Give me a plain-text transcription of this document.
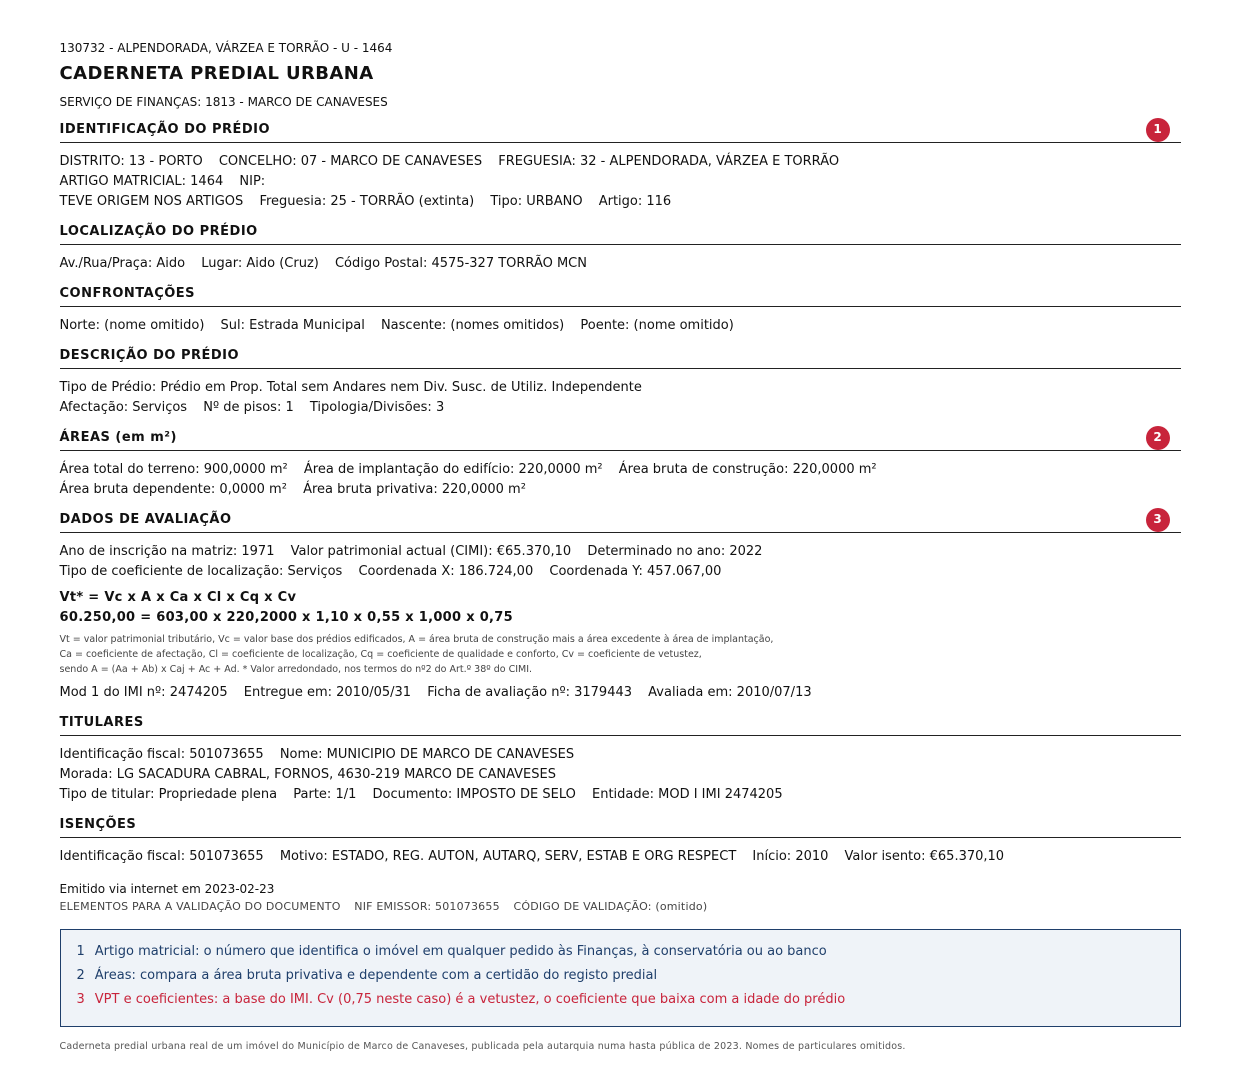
130732 - ALPENDORADA, VÁRZEA E TORRÃO - U - 1464
CADERNETA PREDIAL URBANA
SERVIÇO DE FINANÇAS: 1813 - MARCO DE CANAVESES
IDENTIFICAÇÃO DO PRÉDIO	1
DISTRITO: 13 - PORTO CONCELHO: 07 - MARCO DE CANAVESES FREGUESIA: 32 - ALPENDORADA, VÁRZEA E TORRÃO
ARTIGO MATRICIAL: 1464 NIP:
TEVE ORIGEM NOS ARTIGOS Freguesia: 25 - TORRÃO (extinta) Tipo: URBANO Artigo: 116
LOCALIZAÇÃO DO PRÉDIO
Av./Rua/Praça: Aido Lugar: Aido (Cruz) Código Postal: 4575-327 TORRÃO MCN
CONFRONTAÇÕES
Norte: (nome omitido) Sul: Estrada Municipal Nascente: (nomes omitidos) Poente: (nome omitido)
DESCRIÇÃO DO PRÉDIO
Tipo de Prédio: Prédio em Prop. Total sem Andares nem Div. Susc. de Utiliz. Independente
Afectação: Serviços Nº de pisos: 1 Tipologia/Divisões: 3
ÁREAS (em m²)	2
Área total do terreno: 900,0000 m² Área de implantação do edifício: 220,0000 m² Área bruta de construção: 220,0000 m²
Área bruta dependente: 0,0000 m² Área bruta privativa: 220,0000 m²
DADOS DE AVALIAÇÃO	3
Ano de inscrição na matriz: 1971 Valor patrimonial actual (CIMI): €65.370,10 Determinado no ano: 2022
Tipo de coeficiente de localização: Serviços Coordenada X: 186.724,00 Coordenada Y: 457.067,00
Vt* = Vc x A x Ca x Cl x Cq x Cv
60.250,00 = 603,00 x 220,2000 x 1,10 x 0,55 x 1,000 x 0,75
Vt = valor patrimonial tributário, Vc = valor base dos prédios edificados, A = área bruta de construção mais a área excedente à área de implantação,
Ca = coeficiente de afectação, Cl = coeficiente de localização, Cq = coeficiente de qualidade e conforto, Cv = coeficiente de vetustez,
sendo A = (Aa + Ab) x Caj + Ac + Ad. * Valor arredondado, nos termos do nº2 do Art.º 38º do CIMI.
Mod 1 do IMI nº: 2474205 Entregue em: 2010/05/31 Ficha de avaliação nº: 3179443 Avaliada em: 2010/07/13
TITULARES
Identificação fiscal: 501073655 Nome: MUNICIPIO DE MARCO DE CANAVESES
Morada: LG SACADURA CABRAL, FORNOS, 4630-219 MARCO DE CANAVESES
Tipo de titular: Propriedade plena Parte: 1/1 Documento: IMPOSTO DE SELO Entidade: MOD I IMI 2474205
ISENÇÕES
Identificação fiscal: 501073655 Motivo: ESTADO, REG. AUTON, AUTARQ, SERV, ESTAB E ORG RESPECT Início: 2010 Valor isento: €65.370,10
Emitido via internet em 2023-02-23
ELEMENTOS PARA A VALIDAÇÃO DO DOCUMENTO NIF EMISSOR: 501073655 CÓDIGO DE VALIDAÇÃO: (omitido)
1 Artigo matricial: o número que identifica o imóvel em qualquer pedido às Finanças, à conservatória ou ao banco
2 Áreas: compara a área bruta privativa e dependente com a certidão do registo predial
3 VPT e coeficientes: a base do IMI. Cv (0,75 neste caso) é a vetustez, o coeficiente que baixa com a idade do prédio
Caderneta predial urbana real de um imóvel do Município de Marco de Canaveses, publicada pela autarquia numa hasta pública de 2023. Nomes de particulares omitidos.
